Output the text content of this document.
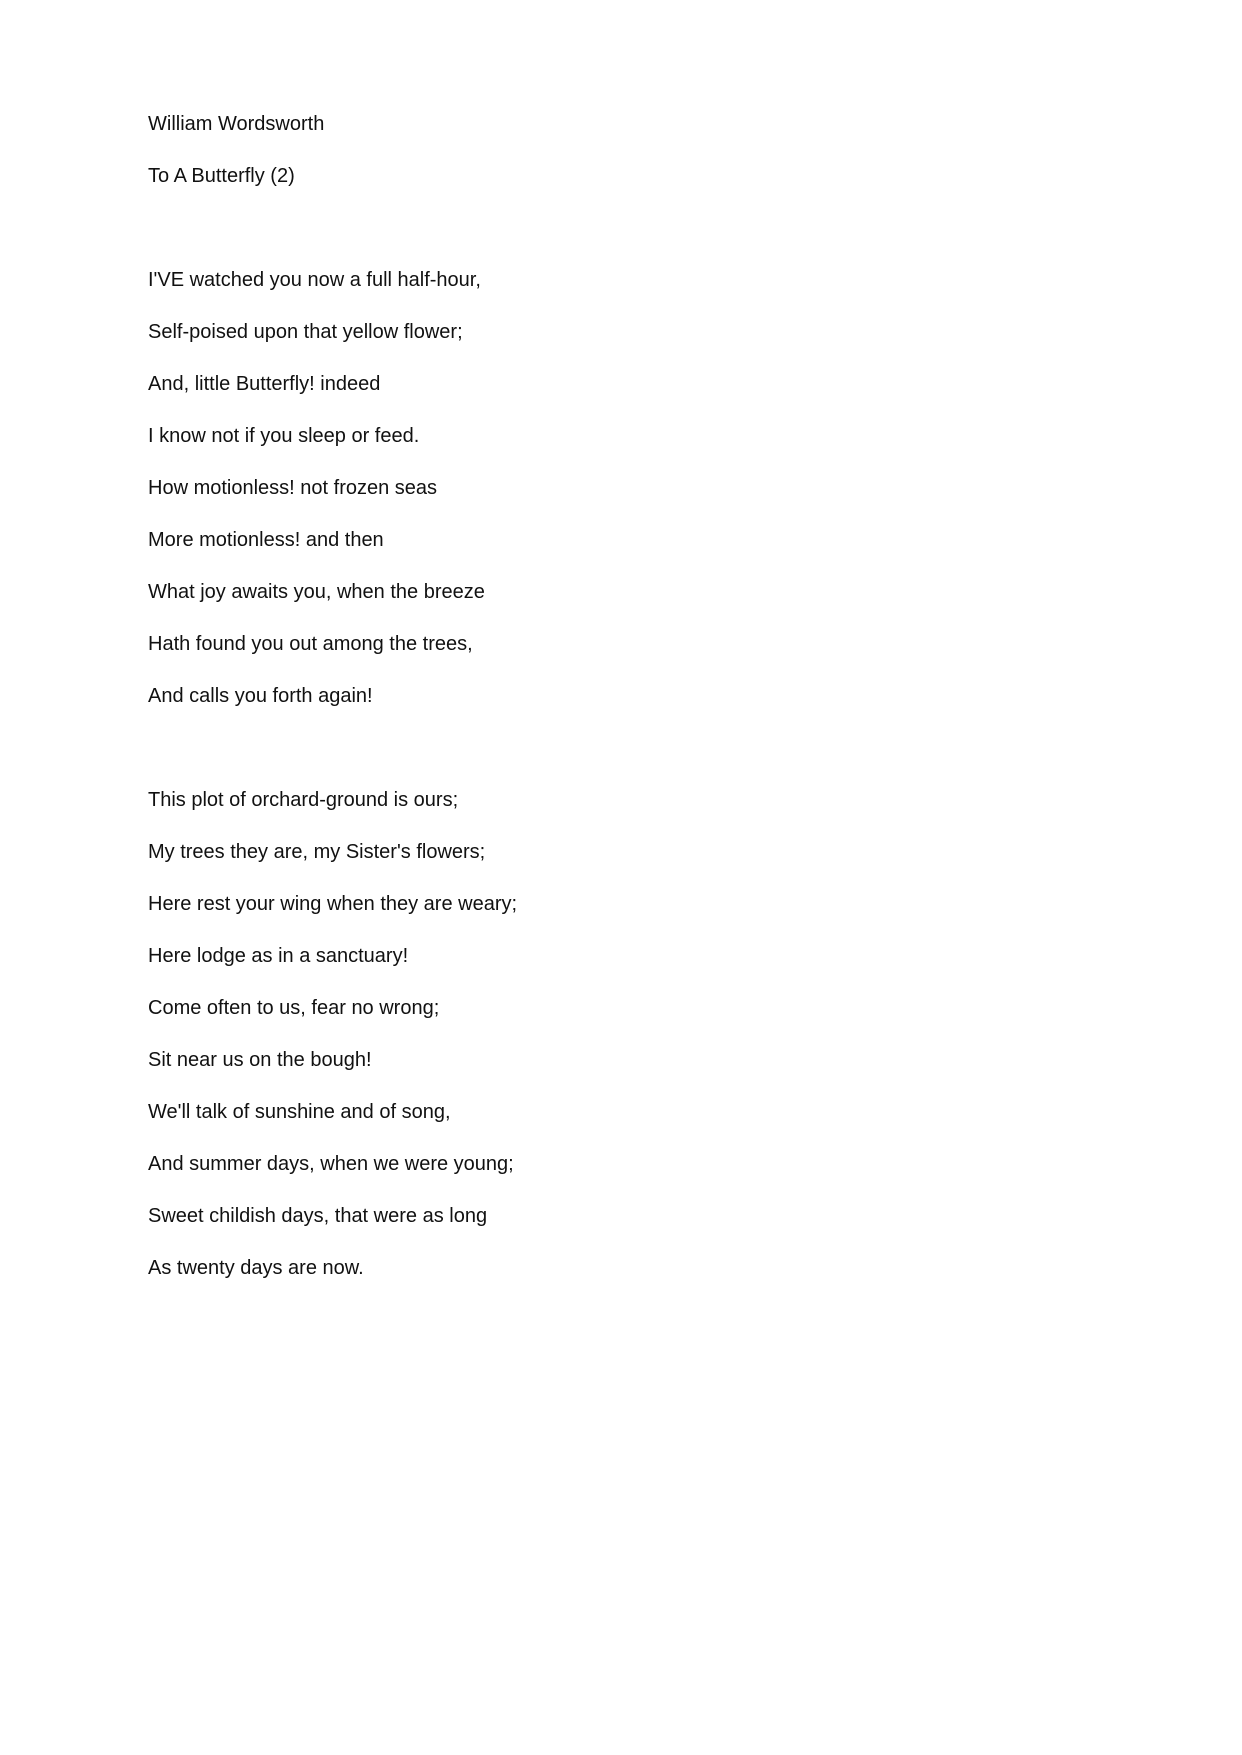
William Wordsworth
To A Butterfly (2)
I'VE watched you now a full half-hour,
Self-poised upon that yellow flower;
And, little Butterfly! indeed
I know not if you sleep or feed.
How motionless! not frozen seas
More motionless! and then
What joy awaits you, when the breeze
Hath found you out among the trees,
And calls you forth again!
This plot of orchard-ground is ours;
My trees they are, my Sister's flowers;
Here rest your wing when they are weary;
Here lodge as in a sanctuary!
Come often to us, fear no wrong;
Sit near us on the bough!
We'll talk of sunshine and of song,
And summer days, when we were young;
Sweet childish days, that were as long
As twenty days are now.
